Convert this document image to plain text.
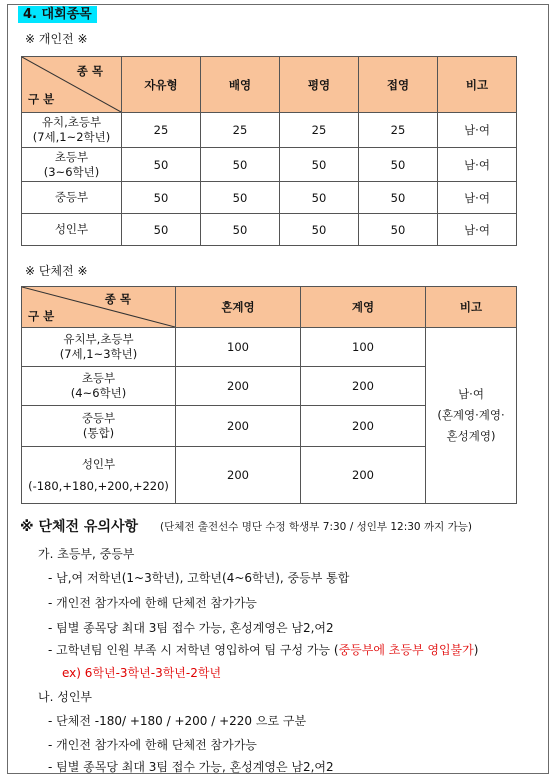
4. 대회종목
※ 개인전 ※
종 목
구 분	자유형	배영	평영	접영	비고
유치,초등부
(7세,1~2학년)	25	25	25	25	남·여
초등부
(3~6학년)	50	50	50	50	남·여
중등부	50	50	50	50	남·여
성인부	50	50	50	50	남·여
※ 단체전 ※
종 목
구 분	혼계영	계영	비고
유치부,초등부
(7세,1~3학년)	100	100	남·여
(혼계영·계영·
혼성계영)
초등부
(4~6학년)	200	200	
중등부
(통합)	200	200	
성인부
(-180,+180,+200,+220)	200	200	
※ 단체전 유의사항 (단체전 출전선수 명단 수정 학생부 7:30 / 성인부 12:30 까지 가능)
가. 초등부, 중등부
- 남,여 저학년(1~3학년), 고학년(4~6학년), 중등부 통합
- 개인전 참가자에 한해 단체전 참가가능
- 팀별 종목당 최대 3팀 접수 가능, 혼성계영은 남2,여2
- 고학년팀 인원 부족 시 저학년 영입하여 팀 구성 가능 (중등부에 초등부 영입불가)
ex) 6학년-3학년-3학년-2학년
나. 성인부
- 단체전 -180/ +180 / +200 / +220 으로 구분
- 개인전 참가자에 한해 단체전 참가가능
- 팀별 종목당 최대 3팀 접수 가능, 혼성계영은 남2,여2
